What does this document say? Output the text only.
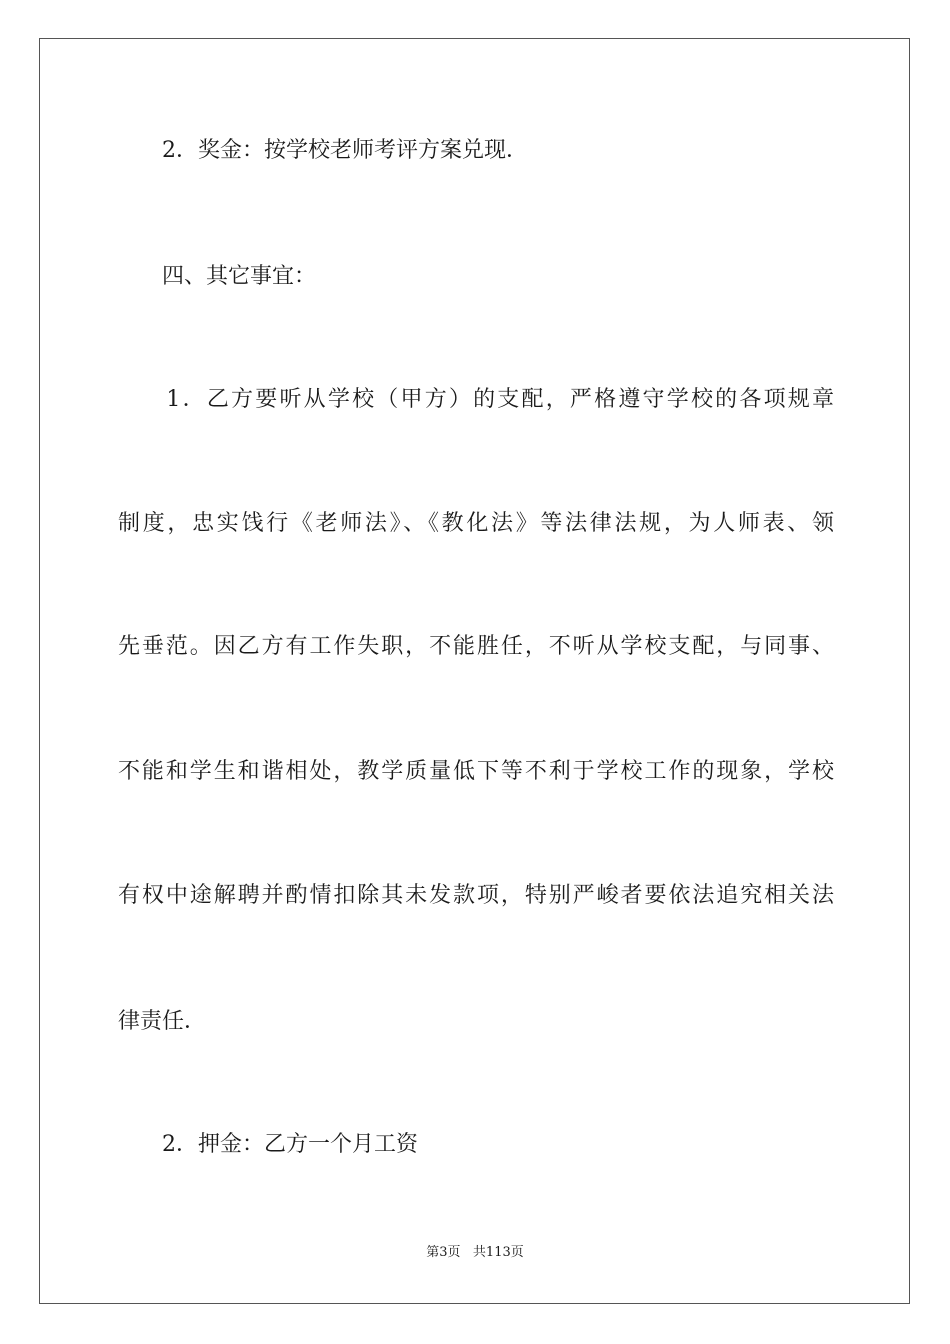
　　2．奖金：按学校老师考评方案兑现．
　　四、其它事宜：
　　1．乙方要听从学校（甲方）的支配，严格遵守学校的各项规章
制度，忠实饯行《老师法》、《教化法》等法律法规，为人师表、领
先垂范。因乙方有工作失职，不能胜任，不听从学校支配，与同事、
不能和学生和谐相处，教学质量低下等不利于学校工作的现象，学校
有权中途解聘并酌情扣除其未发款项，特别严峻者要依法追究相关法
律责任．
　　2．押金：乙方一个月工资
第3页 共113页
